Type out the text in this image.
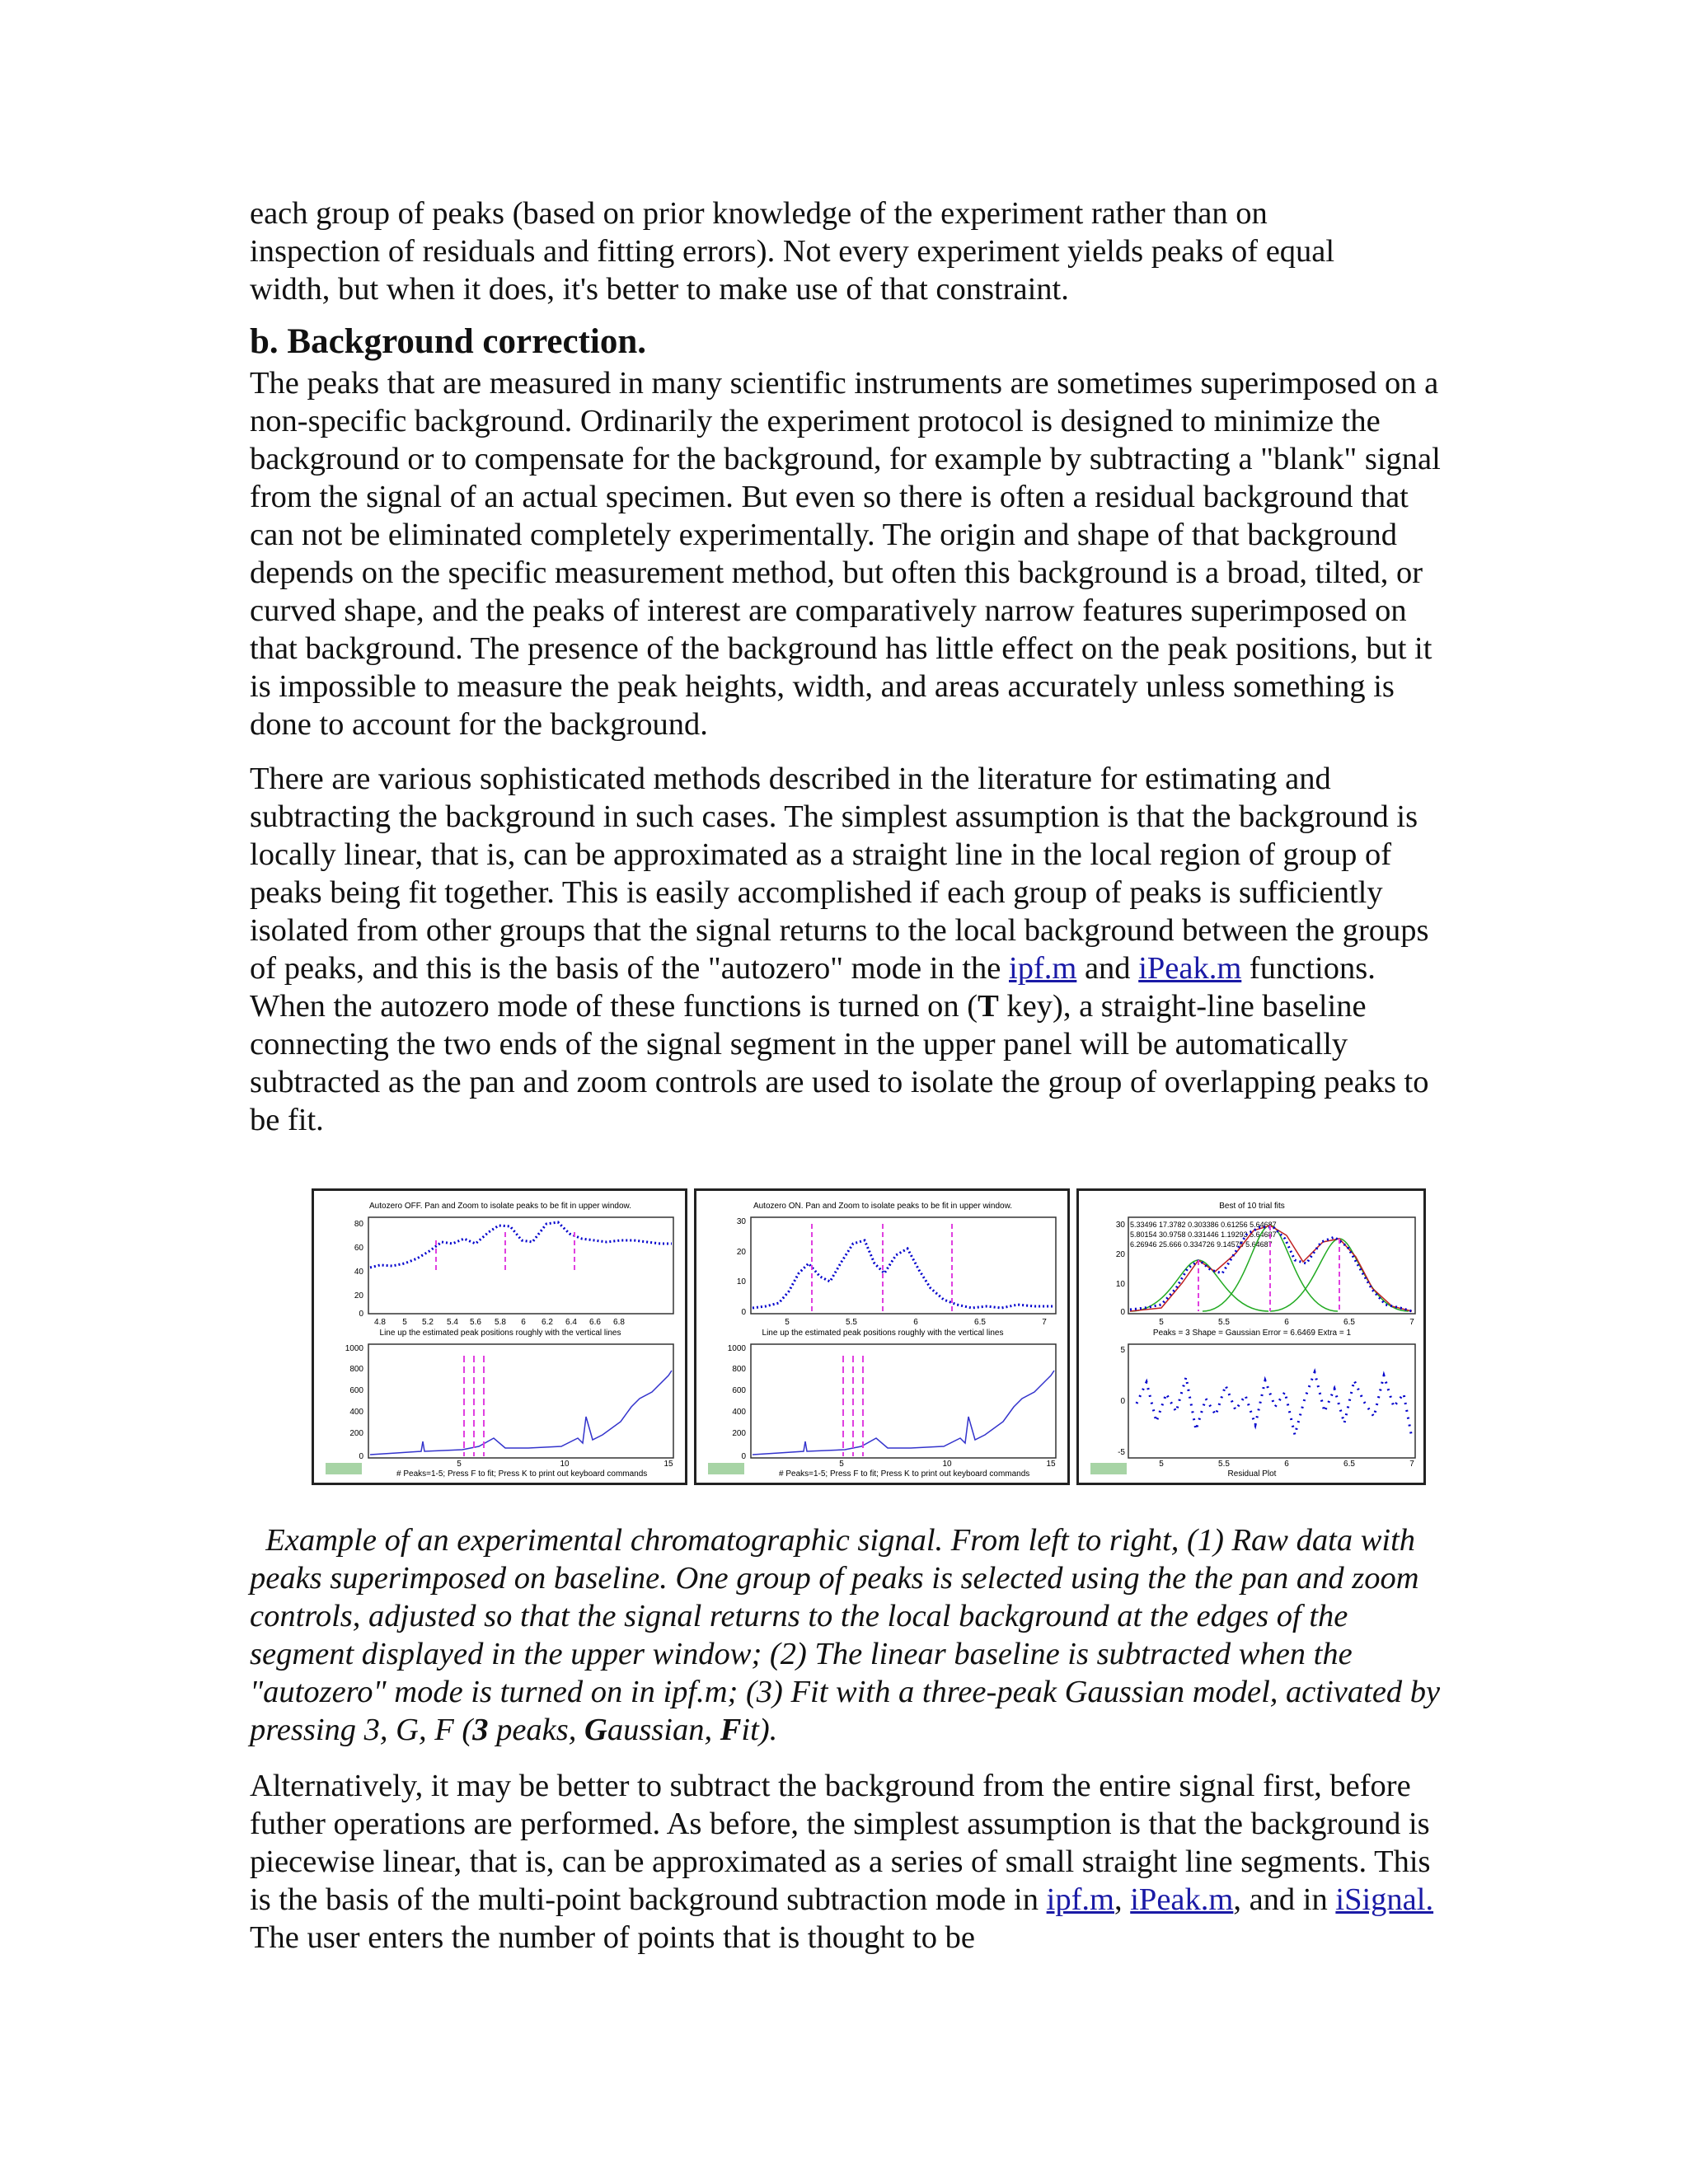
each group of peaks (based on prior knowledge of the experiment rather than on

inspection of residuals and fitting errors). Not every experiment yields peaks of equal

width, but when it does, it's better to make use of that constraint.

b. Background correction.

The peaks that are measured in many scientific instruments are sometimes superimposed on a non-specific background. Ordinarily the experiment protocol is designed to minimize the background or to compensate for the background, for example by subtracting a "blank" signal from the signal of an actual specimen. But even so there is often a residual background that can not be eliminated completely experimentally. The origin and shape of that background depends on the specific measurement method, but often this background is a broad, tilted, or curved shape, and the peaks of interest are comparatively narrow features superimposed on that background. The presence of the background has little effect on the peak positions, but it is impossible to measure the peak heights, width, and areas accurately unless something is done to account for the background.

There are various sophisticated methods described in the literature for estimating and subtracting the background in such cases. The simplest assumption is that the background is locally linear, that is, can be approximated as a straight line in the local region of group of peaks being fit together. This is easily accomplished if each group of peaks is sufficiently isolated from other groups that the signal returns to the local background between the groups of peaks, and this is the basis of the "autozero" mode in the ipf.m and iPeak.m functions. When the autozero mode of these functions is turned on (T key), a straight-line baseline connecting the two ends of the signal segment in the upper panel will be automatically subtracted as the pan and zoom controls are used to isolate the group of overlapping peaks to be fit.

Autozero OFF. Pan and Zoom to isolate peaks to be fit in upper window.
80
60
40
20
0
4.8 5 5.2 5.4 5.6 5.8 6 6.2 6.4 6.6 6.8
Line up the estimated peak positions roughly with the vertical lines
1000
800
600
400
200
0
5	10	15
# Peaks=1-5; Press F to fit; Press K to print out keyboard commands
Autozero ON. Pan and Zoom to isolate peaks to be fit in upper window.
30
20
10
0
5	5.5	6	6.5	7
Line up the estimated peak positions roughly with the vertical lines
1000
800
600
400
200
0
5	10	15
# Peaks=1-5; Press F to fit; Press K to print out keyboard commands
Best of 10 trial fits
5.33496 17.3782 0.303386 0.61256 5.64687
5.80154 30.9758 0.331446 1.19293 5.64687
6.26946 25.666 0.334726 9.14575 5.64687
30
20
10
0
5	5.5	6	6.5	7
Peaks = 3 Shape = Gaussian Error = 6.6469 Extra = 1
5
0
-5
5	5.5	6	6.5	7
Residual Plot
Example of an experimental chromatographic signal. From left to right, (1) Raw data with peaks superimposed on baseline. One group of peaks is selected using the the pan and zoom controls, adjusted so that the signal returns to the local background at the edges of the segment displayed in the upper window; (2) The linear baseline is subtracted when the "autozero" mode is turned on in ipf.m; (3) Fit with a three-peak Gaussian model, activated by pressing 3, G, F (3 peaks, Gaussian, Fit).

Alternatively, it may be better to subtract the background from the entire signal first, before futher operations are performed. As before, the simplest assumption is that the background is piecewise linear, that is, can be approximated as a series of small straight line segments. This is the basis of the multi-point background subtraction mode in ipf.m, iPeak.m, and in iSignal. The user enters the number of points that is thought to be
